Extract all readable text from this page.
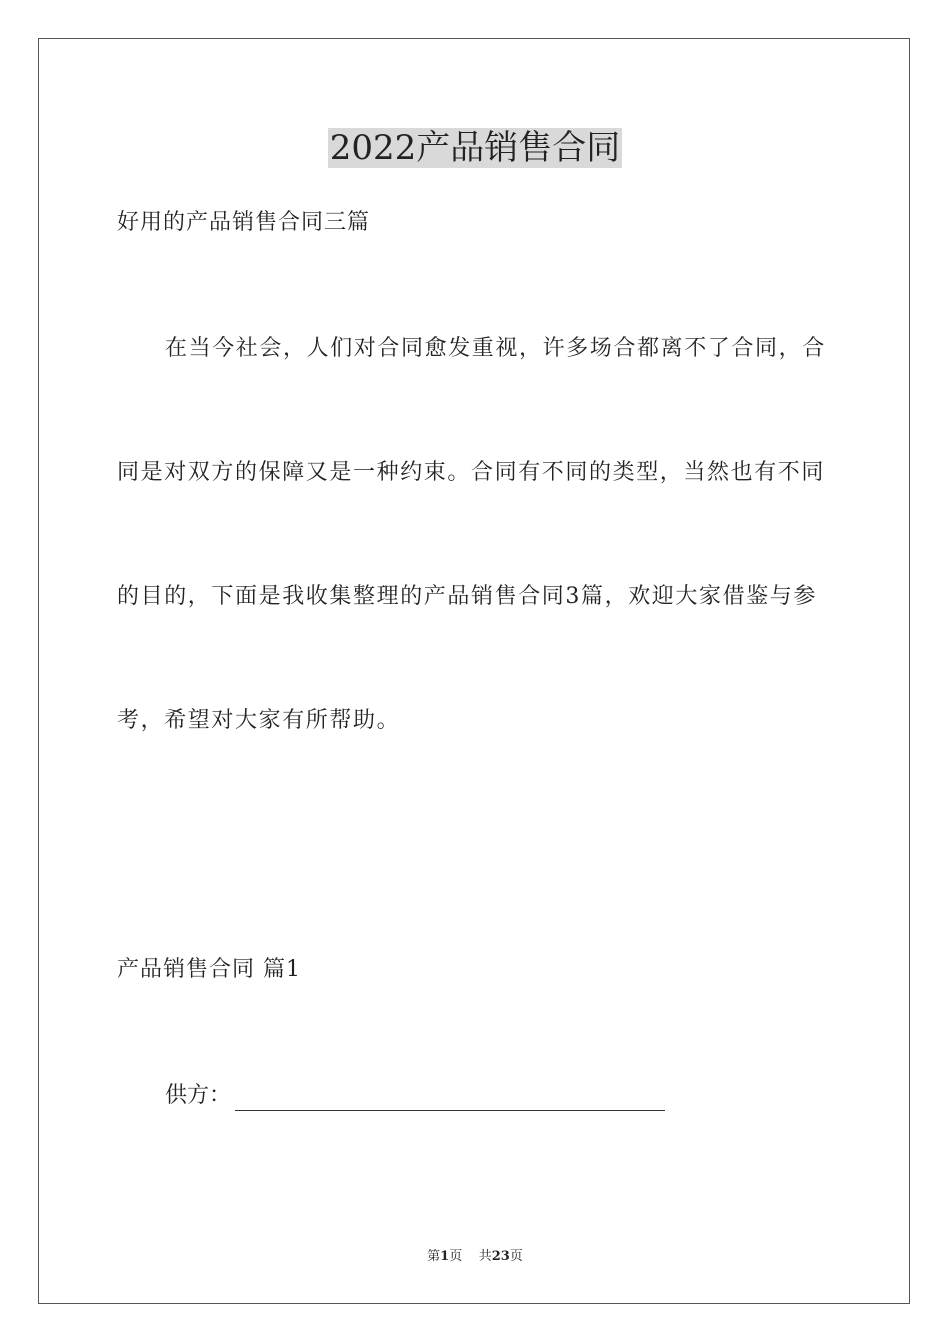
2022产品销售合同
好用的产品销售合同三篇
在当今社会，人们对合同愈发重视，许多场合都离不了合同，合
同是对双方的保障又是一种约束。合同有不同的类型，当然也有不同
的目的，下面是我收集整理的产品销售合同3篇，欢迎大家借鉴与参
考，希望对大家有所帮助。
产品销售合同 篇1
供方：
第1页 共23页
